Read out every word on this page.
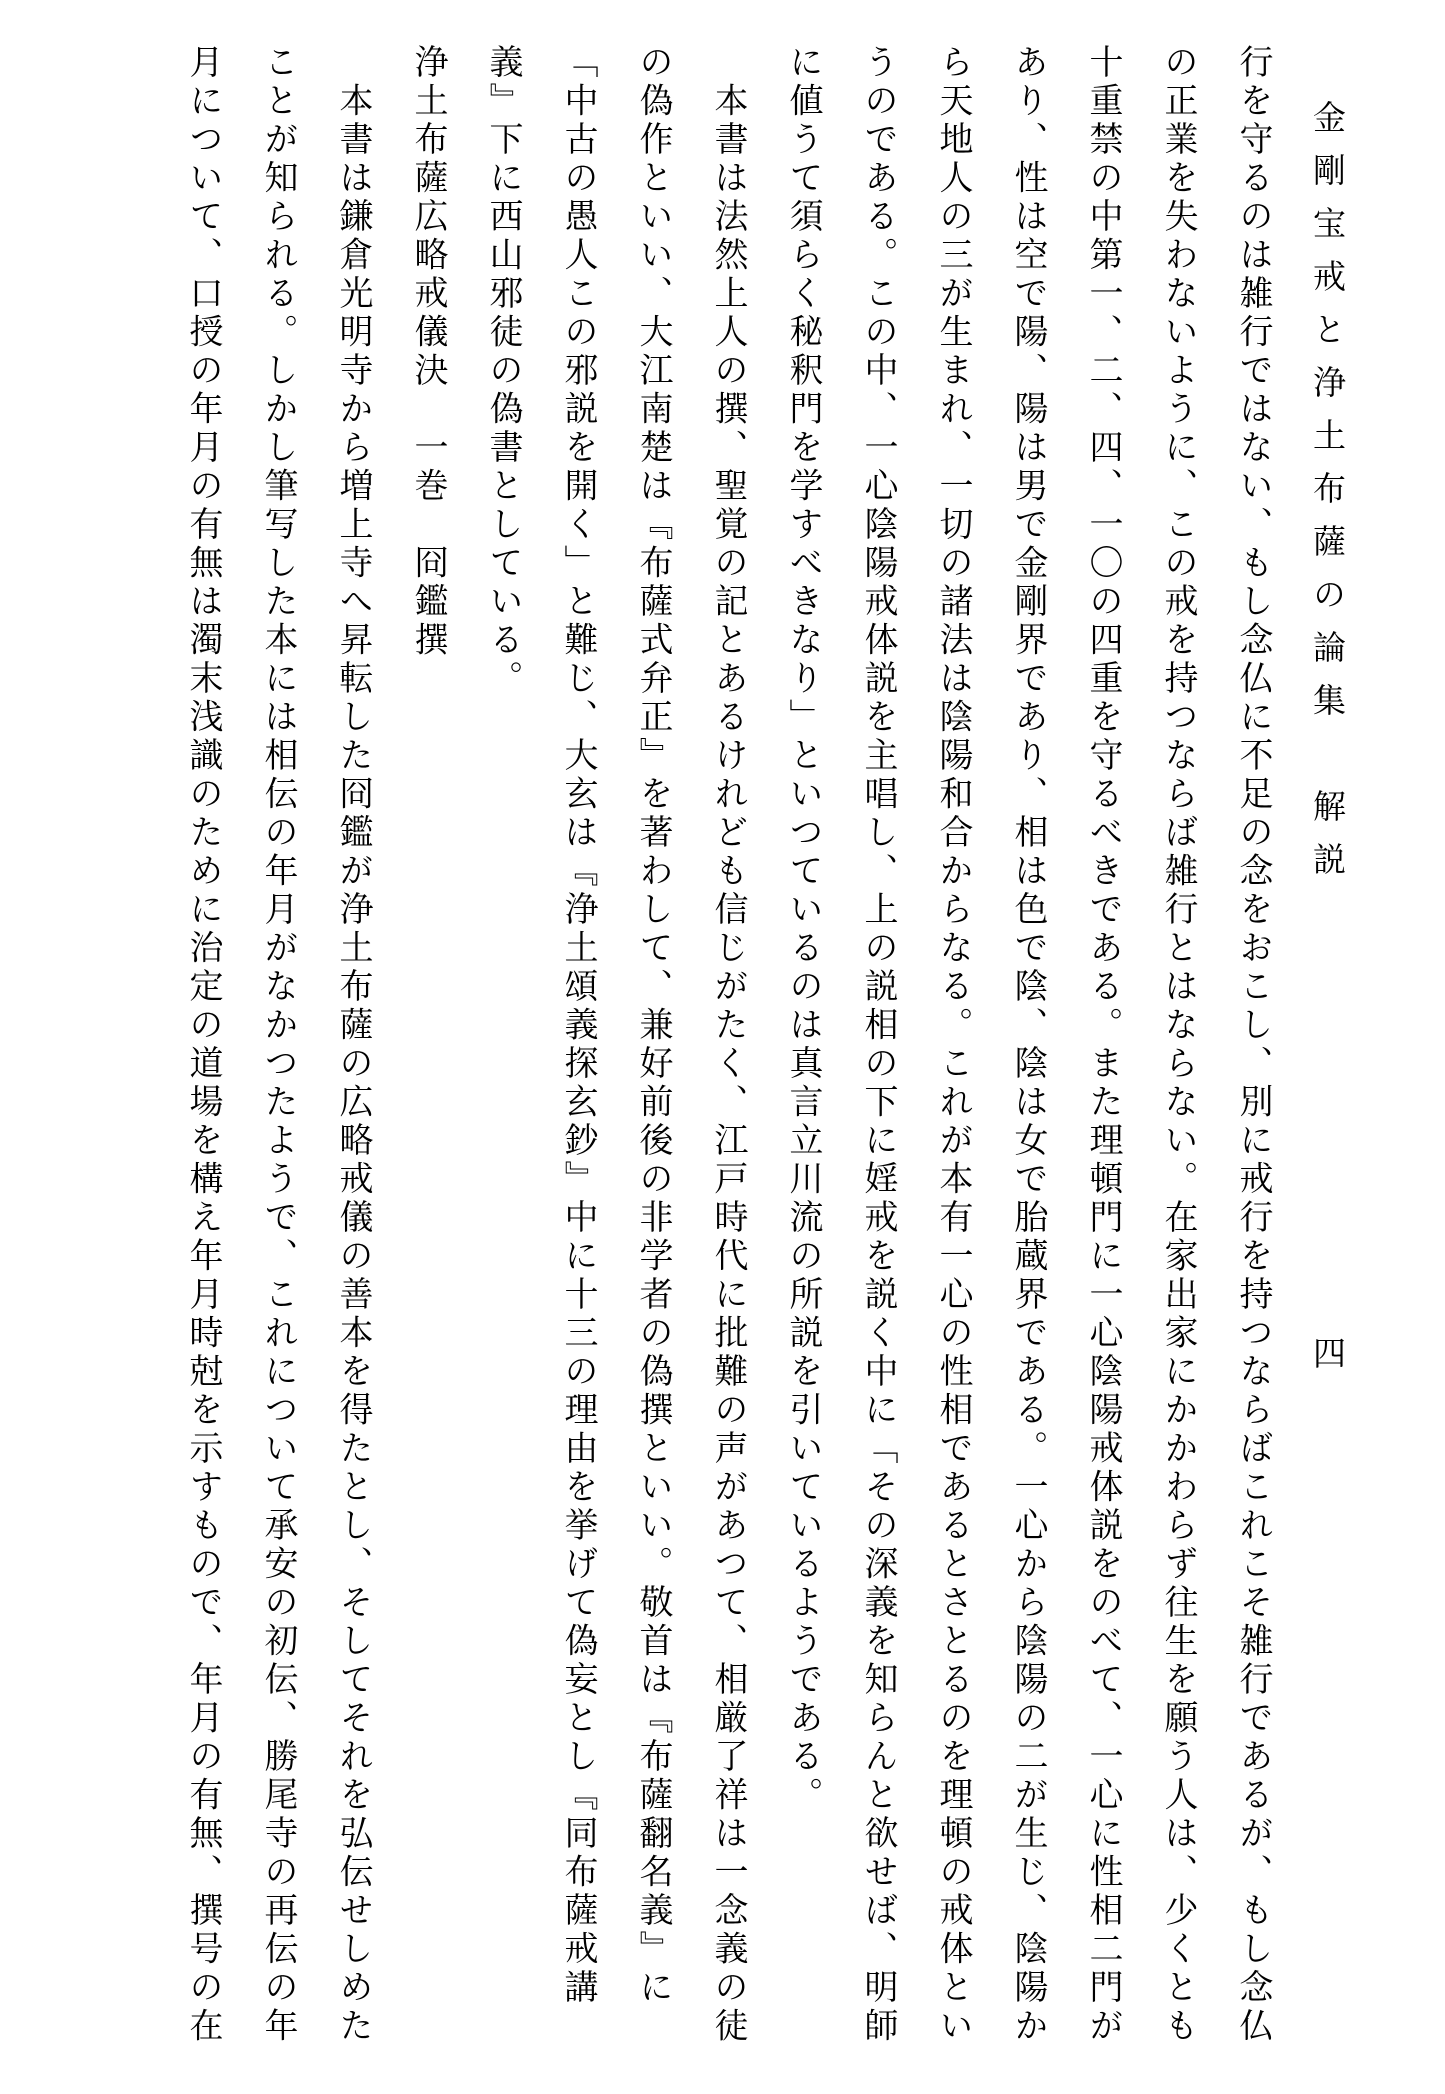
金剛宝戒と浄土布薩の論集　解説
四

行を守るのは雑行ではない、もし念仏に不足の念をおこし、別に戒行を持つならばこれこそ雑行であるが、もし念仏

の正業を失わないように、この戒を持つならば雑行とはならない。在家出家にかかわらず往生を願う人は、少くとも

十重禁の中第一、二、四、一〇の四重を守るべきである。また理頓門に一心陰陽戒体説をのべて、一心に性相二門が

あり、性は空で陽、陽は男で金剛界であり、相は色で陰、陰は女で胎蔵界である。一心から陰陽の二が生じ、陰陽か

ら天地人の三が生まれ、一切の諸法は陰陽和合からなる。これが本有一心の性相であるとさとるのを理頓の戒体とい

うのである。この中、一心陰陽戒体説を主唱し、上の説相の下に婬戒を説く中に「その深義を知らんと欲せば、明師

に値うて須らく秘釈門を学すべきなり」といつているのは真言立川流の所説を引いているようである。

　本書は法然上人の撰、聖覚の記とあるけれども信じがたく、江戸時代に批難の声があつて、相厳了祥は一念義の徒

の偽作といい、大江南楚は『布薩式弁正』を著わして、兼好前後の非学者の偽撰といい。敬首は『布薩翻名義』に

「中古の愚人この邪説を開く」と難じ、大玄は『浄土頌義探玄鈔』中に十三の理由を挙げて偽妄とし『同布薩戒講

義』下に西山邪徒の偽書としている。

浄土布薩広略戒儀決　一巻　冏鑑撰

　本書は鎌倉光明寺から増上寺へ昇転した冏鑑が浄土布薩の広略戒儀の善本を得たとし、そしてそれを弘伝せしめた

ことが知られる。しかし筆写した本には相伝の年月がなかつたようで、これについて承安の初伝、勝尾寺の再伝の年

月について、口授の年月の有無は濁末浅識のために治定の道場を構え年月時尅を示すもので、年月の有無、撰号の在
